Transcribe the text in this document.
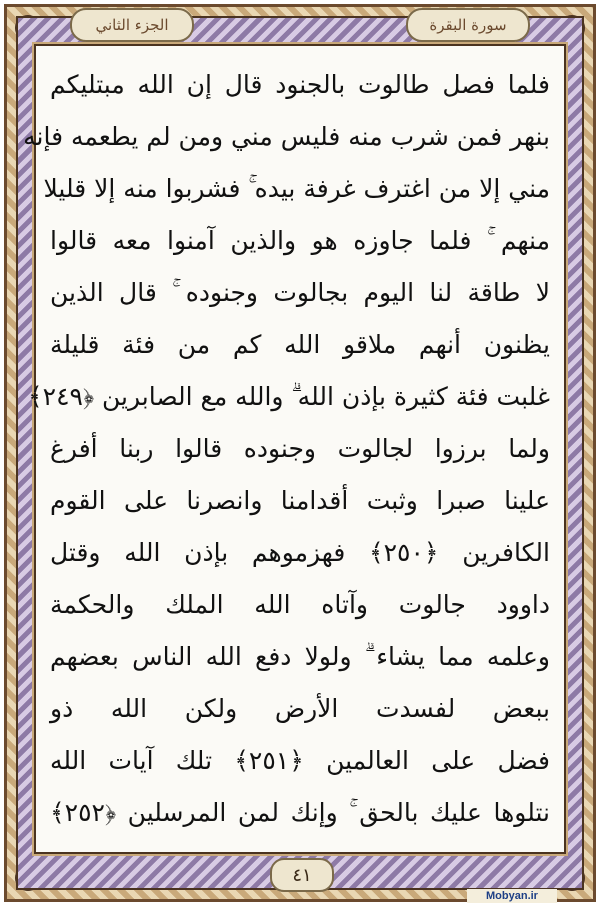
الجزء الثاني	سورة البقرة
فلما فصل طالوت بالجنود قال إن الله مبتليكم
بنهر فمن شرب منه فليس مني ومن لم يطعمه فإنه
مني إلا من اغترف غرفة بيده ۚ فشربوا منه إلا قليلا
منهم ۚ فلما جاوزه هو والذين آمنوا معه قالوا
لا طاقة لنا اليوم بجالوت وجنوده ۚ قال الذين
يظنون أنهم ملاقو الله كم من فئة قليلة
غلبت فئة كثيرة بإذن الله ۗ والله مع الصابرين ﴿٢٤٩﴾
ولما برزوا لجالوت وجنوده قالوا ربنا أفرغ
علينا صبرا وثبت أقدامنا وانصرنا على القوم
الكافرين ﴿٢٥٠﴾ فهزموهم بإذن الله وقتل
داوود جالوت وآتاه الله الملك والحكمة
وعلمه مما يشاء ۗ ولولا دفع الله الناس بعضهم
ببعض لفسدت الأرض ولكن الله ذو
فضل على العالمين ﴿٢٥١﴾ تلك آيات الله
نتلوها عليك بالحق ۚ وإنك لمن المرسلين ﴿٢٥٢﴾
٤١
Mobyan.ir
